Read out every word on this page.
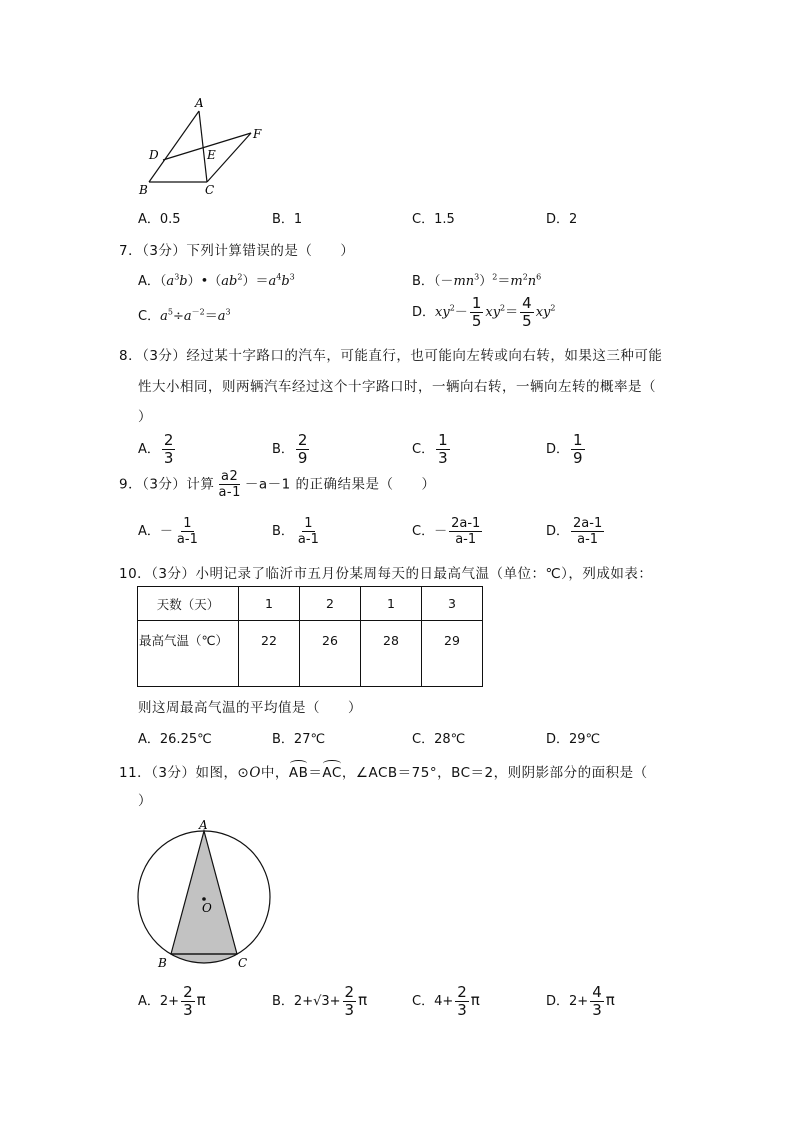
A
B	C
D	E
F
A．0.5	B．1	C．1.5	D．2
7．（3分）下列计算错误的是（　　）
A．$(a^3b)•(ab^2)=a^4b^3$	B．$(-mn^3)^2=m^2n^6$
C．$a^5\div a^{-2}=a^3$	D．$xy^2- \frac{1}{5} xy^2= \frac{4}{5} xy^2$
8．（3分）经过某十字路口的汽车，可能直行，也可能向左转或向右转，如果这三种可能
性大小相同，则两辆汽车经过这个十字路口时，一辆向右转，一辆向左转的概率是（
）
A． $\frac{2}{3}$	B． $\frac{2}{9}$	C． $\frac{1}{3}$	D． $\frac{1}{9}$
9．（3分）计算 $\frac{a2}{a-1} -a-1$ 的正确结果是（　　）
A．－ $\frac{1}{a-1}$	B． $\frac{1}{a-1}$	C．－ $\frac{2a-1}{a-1}$	D． $\frac{2a-1}{a-1}$
10．（3分）小明记录了临沂市五月份某周每天的日最高气温（单位：℃），列成如表：
天数（天）	1	2	1	3
最高气温（℃）	22	26	28	29
则这周最高气温的平均值是（　　）
A．26.25℃	B．27℃	C．28℃	D．29℃
11．（3分）如图，⊙O中，AB＝AC，∠ACB＝75°，BC＝2，则阴影部分的面积是（
）
A
O
B	C
A．$2+ \frac{2}{3}$ π	B．$2+√3+ \frac{2}{3}$ π	C．$4+ \frac{2}{3}$ π	D．$2+ \frac{4}{3}$ π
